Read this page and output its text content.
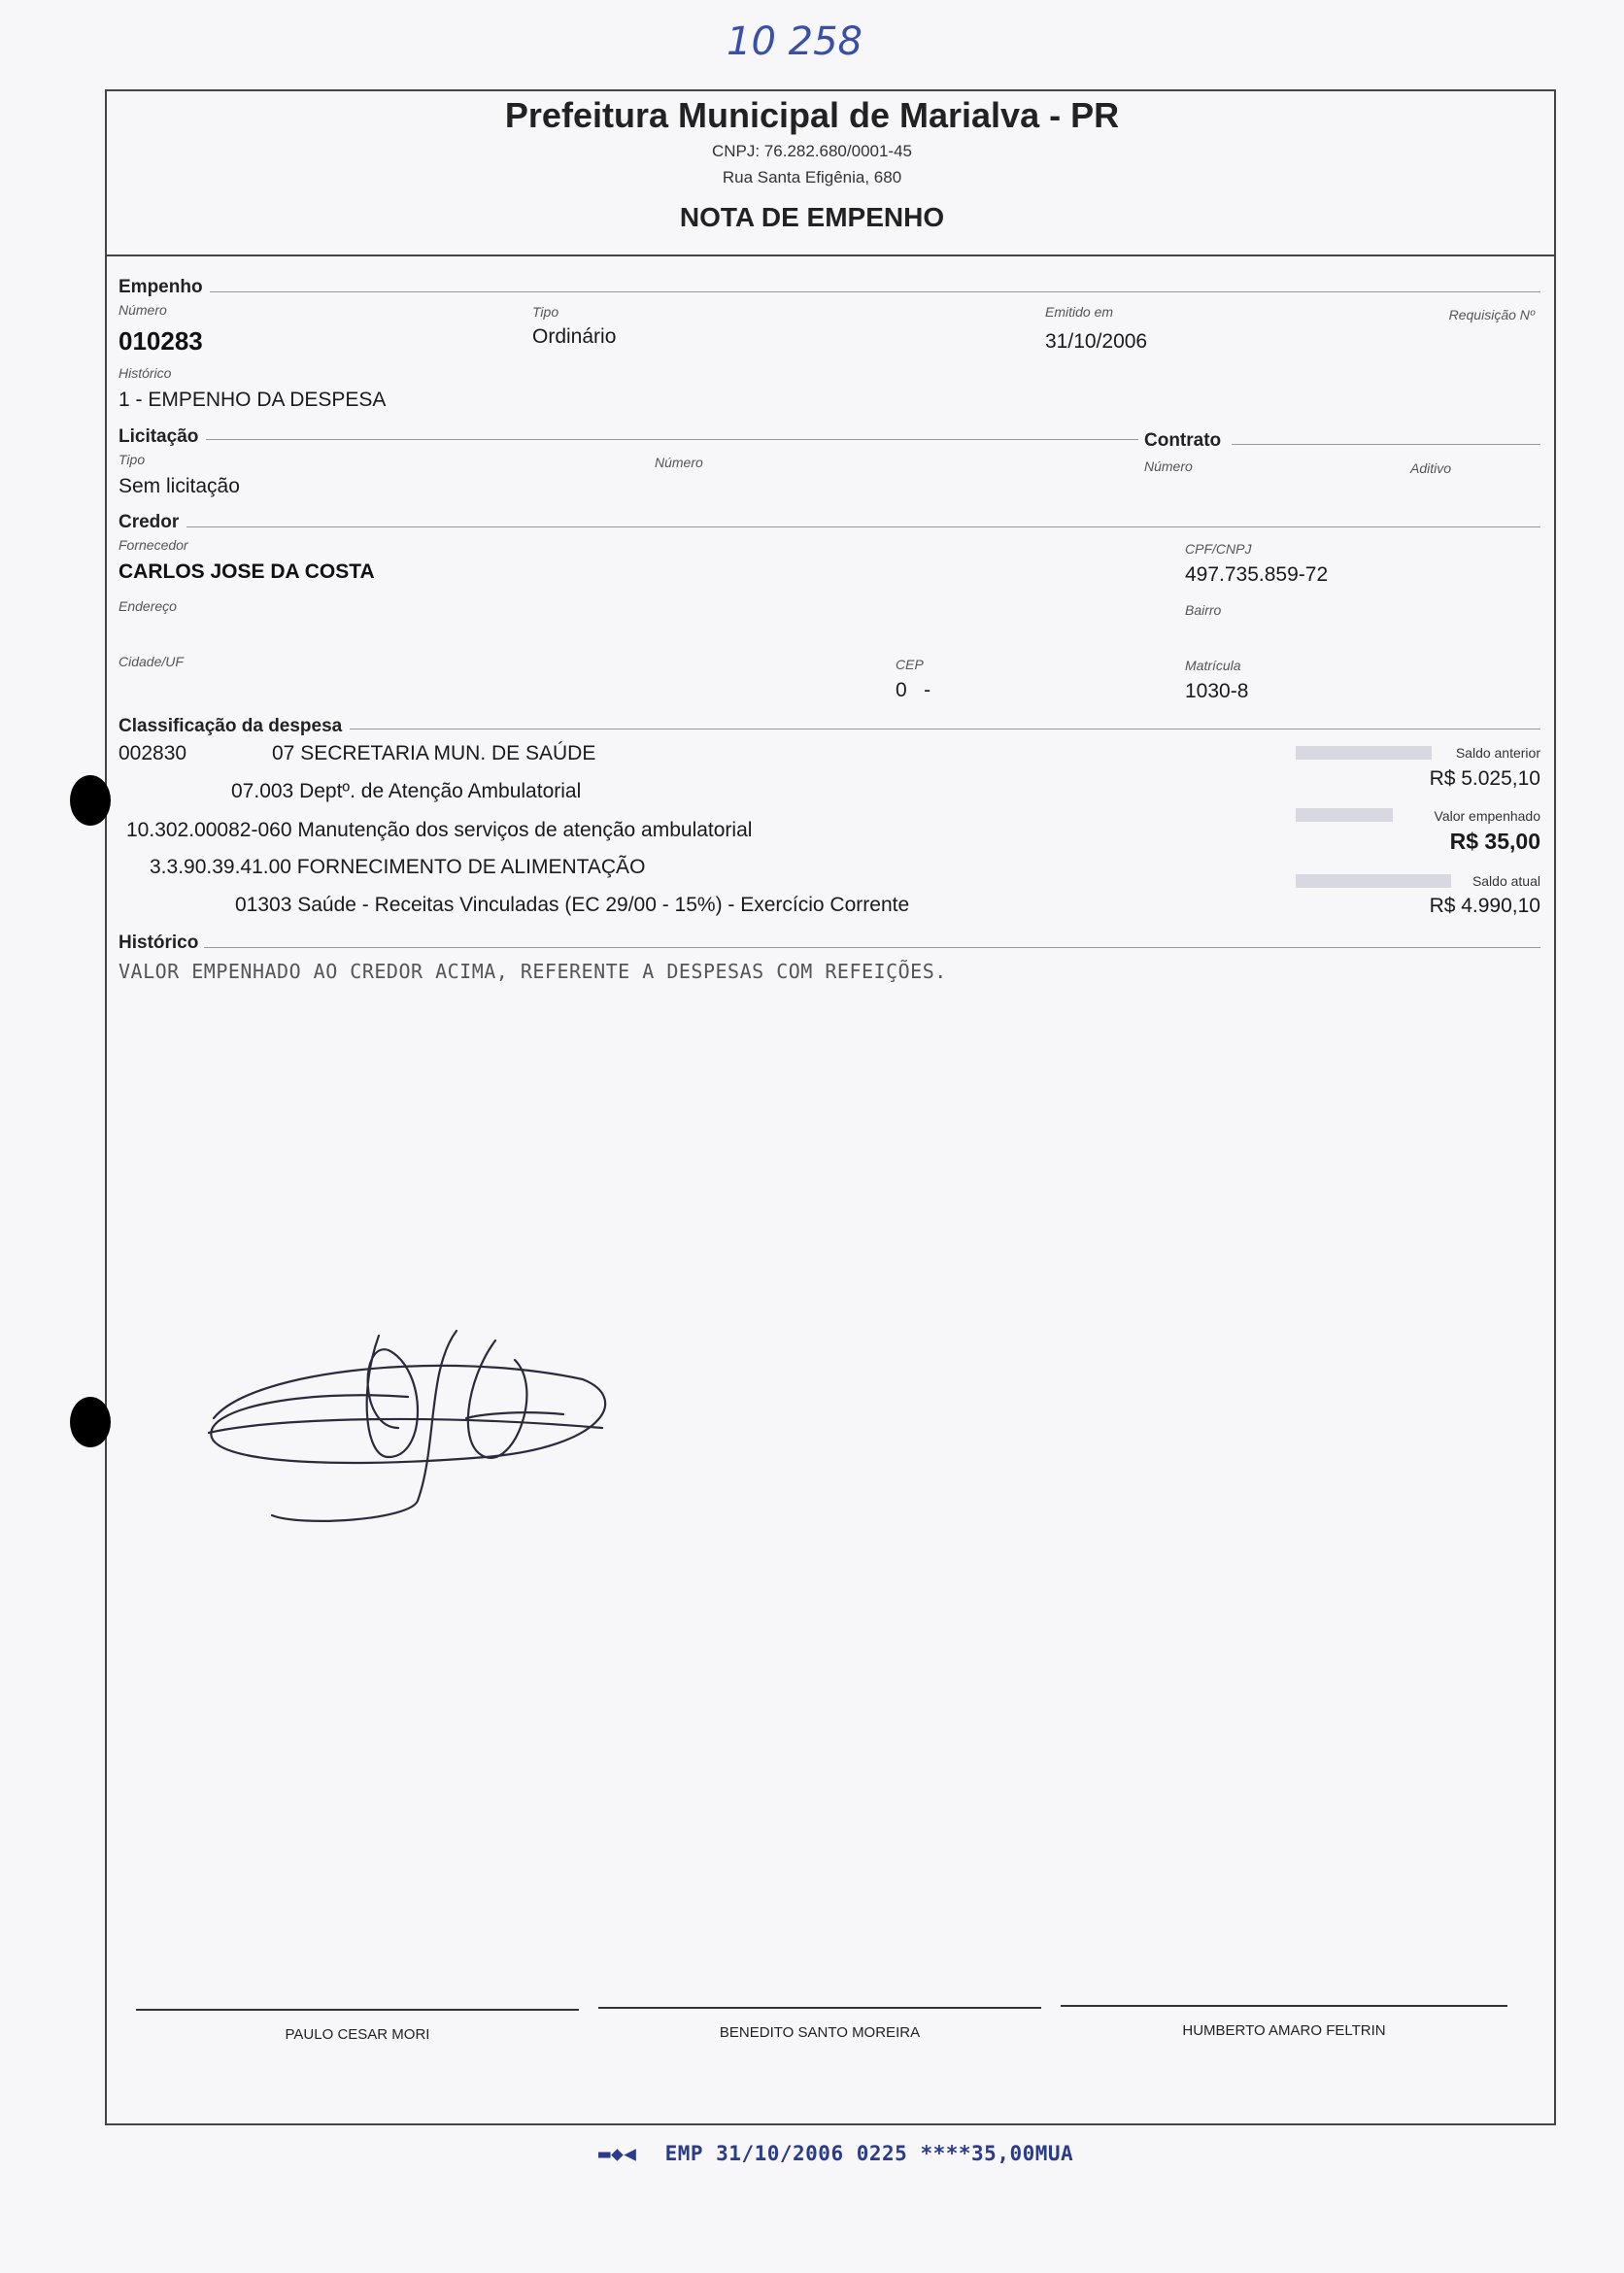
10 258
Prefeitura Municipal de Marialva - PR
CNPJ: 76.282.680/0001-45
Rua Santa Efigênia, 680
NOTA DE EMPENHO
Empenho
Número
010283
Tipo
Ordinário
Emitido em
31/10/2006
Requisição Nº
Histórico
1 - EMPENHO DA DESPESA
Licitação	Contrato
Tipo
Sem licitação
Número	Número	Aditivo
Credor
Fornecedor
CARLOS JOSE DA COSTA
CPF/CNPJ
497.735.859-72
Endereço	Bairro
Cidade/UF	CEP
0   -
Matrícula
1030-8
Classificação da despesa
002830	07 SECRETARIA MUN. DE SAÚDE
07.003 Deptº. de Atenção Ambulatorial
10.302.00082-060 Manutenção dos serviços de atenção ambulatorial
3.3.90.39.41.00 FORNECIMENTO DE ALIMENTAÇÃO
01303 Saúde - Receitas Vinculadas (EC 29/00 - 15%) - Exercício Corrente
Saldo anterior
R$ 5.025,10
Valor empenhado
R$ 35,00
Saldo atual
R$ 4.990,10
Histórico
VALOR EMPENHADO AO CREDOR ACIMA, REFERENTE A DESPESAS COM REFEIÇÕES.
PAULO CESAR MORI	BENEDITO SANTO MOREIRA	HUMBERTO AMARO FELTRIN
▬◆◀ EMP 31/10/2006 0225 ****35,00MUA
